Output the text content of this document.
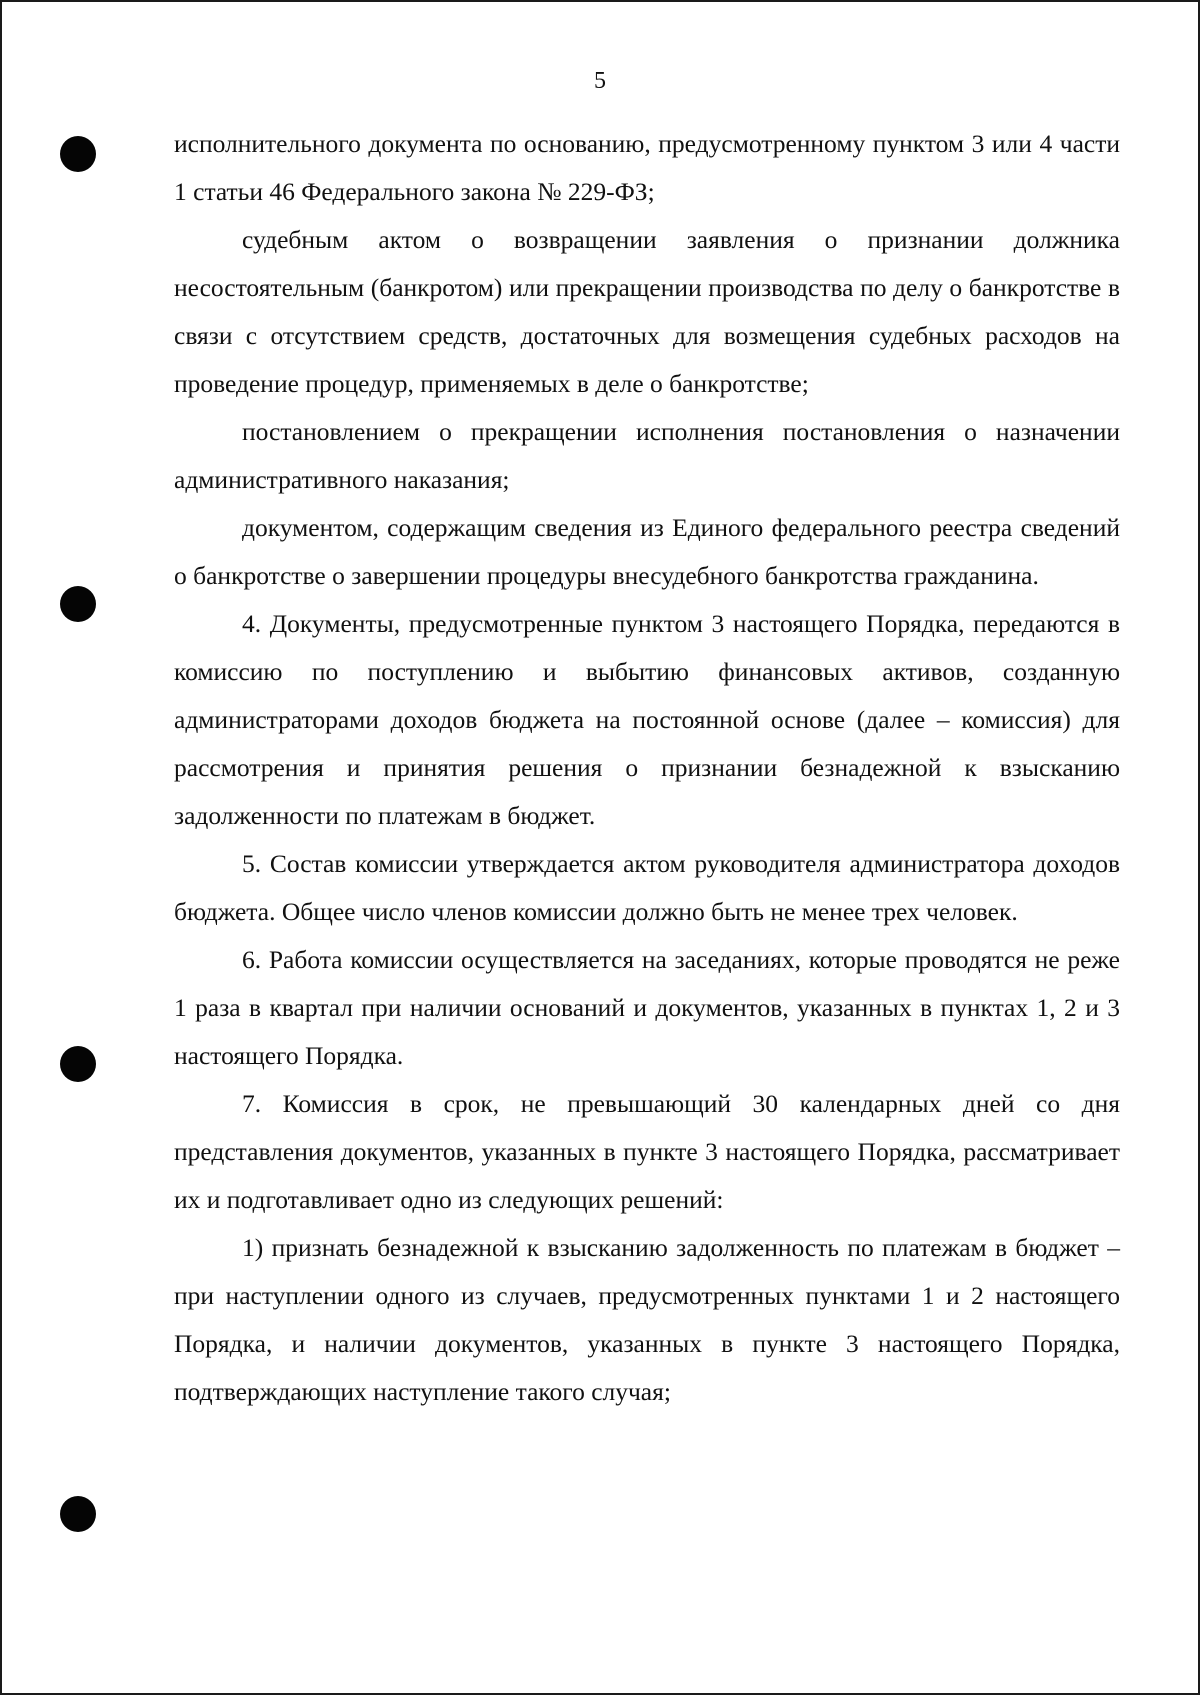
5

исполнительного документа по основанию, предусмотренному пунктом 3 или 4 части 1 статьи 46 Федерального закона № 229-ФЗ;

судебным актом о возвращении заявления о признании должника несостоятельным (банкротом) или прекращении производства по делу о банкротстве в связи с отсутствием средств, достаточных для возмещения судебных расходов на проведение процедур, применяемых в деле о банкротстве;

постановлением о прекращении исполнения постановления о назначении административного наказания;

документом, содержащим сведения из Единого федерального реестра сведений о банкротстве о завершении процедуры внесудебного банкротства гражданина.

4. Документы, предусмотренные пунктом 3 настоящего Порядка, передаются в комиссию по поступлению и выбытию финансовых активов, созданную администраторами доходов бюджета на постоянной основе (далее – комиссия) для рассмотрения и принятия решения о признании безнадежной к взысканию задолженности по платежам в бюджет.

5. Состав комиссии утверждается актом руководителя администратора доходов бюджета. Общее число членов комиссии должно быть не менее трех человек.

6. Работа комиссии осуществляется на заседаниях, которые проводятся не реже 1 раза в квартал при наличии оснований и документов, указанных в пунктах 1, 2 и 3 настоящего Порядка.

7. Комиссия в срок, не превышающий 30 календарных дней со дня представления документов, указанных в пункте 3 настоящего Порядка, рассматривает их и подготавливает одно из следующих решений:

1) признать безнадежной к взысканию задолженность по платежам в бюджет – при наступлении одного из случаев, предусмотренных пунктами 1 и 2 настоящего Порядка, и наличии документов, указанных в пункте 3 настоящего Порядка, подтверждающих наступление такого случая;
